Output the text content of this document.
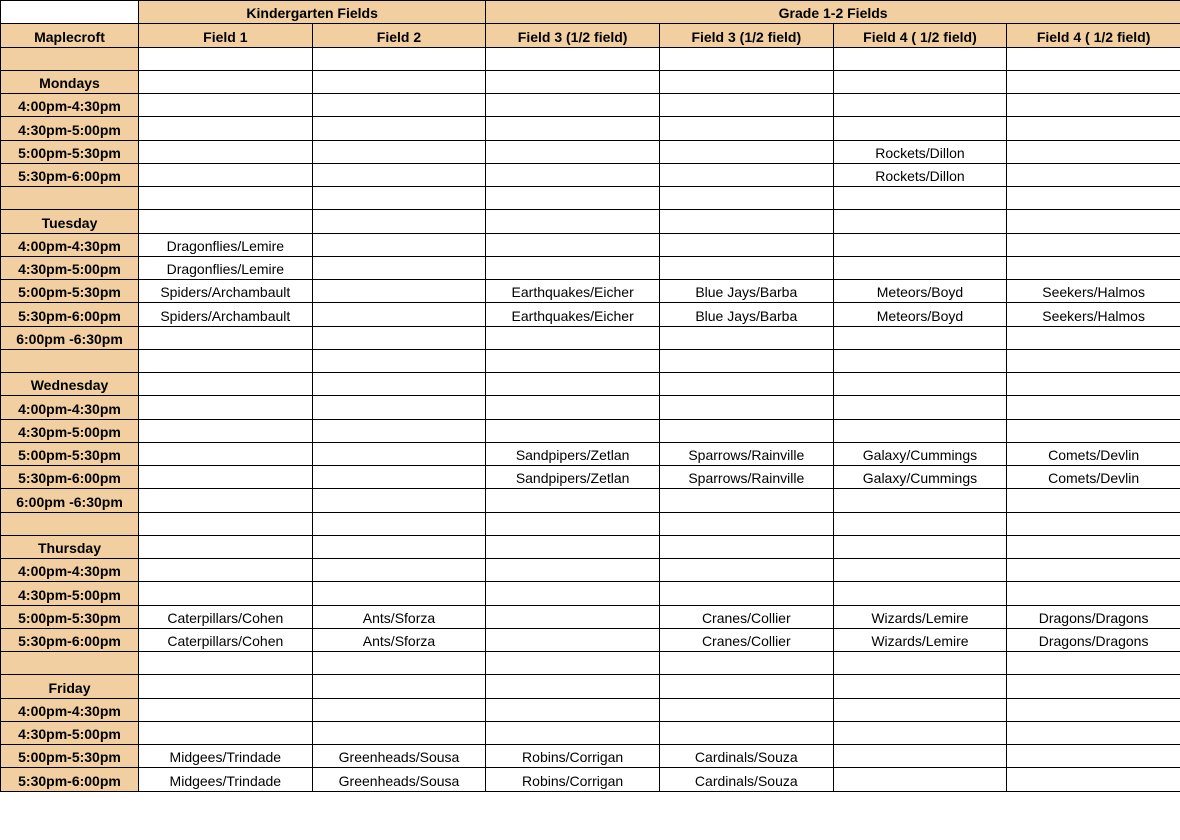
	Kindergarten Fields		Grade 1-2 Fields			
Maplecroft	Field 1	Field 2	Field 3 (1/2 field)	Field 3 (1/2 field)	Field 4 ( 1/2 field)	Field 4 ( 1/2 field)

Mondays						
4:00pm-4:30pm						
4:30pm-5:00pm						
5:00pm-5:30pm					Rockets/Dillon	
5:30pm-6:00pm					Rockets/Dillon	

Tuesday						
4:00pm-4:30pm	Dragonflies/Lemire					
4:30pm-5:00pm	Dragonflies/Lemire					
5:00pm-5:30pm	Spiders/Archambault		Earthquakes/Eicher	Blue Jays/Barba	Meteors/Boyd	Seekers/Halmos
5:30pm-6:00pm	Spiders/Archambault		Earthquakes/Eicher	Blue Jays/Barba	Meteors/Boyd	Seekers/Halmos
6:00pm -6:30pm						

Wednesday						
4:00pm-4:30pm						
4:30pm-5:00pm						
5:00pm-5:30pm			Sandpipers/Zetlan	Sparrows/Rainville	Galaxy/Cummings	Comets/Devlin
5:30pm-6:00pm			Sandpipers/Zetlan	Sparrows/Rainville	Galaxy/Cummings	Comets/Devlin
6:00pm -6:30pm						

Thursday						
4:00pm-4:30pm						
4:30pm-5:00pm						
5:00pm-5:30pm	Caterpillars/Cohen	Ants/Sforza		Cranes/Collier	Wizards/Lemire	Dragons/Dragons
5:30pm-6:00pm	Caterpillars/Cohen	Ants/Sforza		Cranes/Collier	Wizards/Lemire	Dragons/Dragons

Friday						
4:00pm-4:30pm						
4:30pm-5:00pm						
5:00pm-5:30pm	Midgees/Trindade	Greenheads/Sousa	Robins/Corrigan	Cardinals/Souza		
5:30pm-6:00pm	Midgees/Trindade	Greenheads/Sousa	Robins/Corrigan	Cardinals/Souza		
